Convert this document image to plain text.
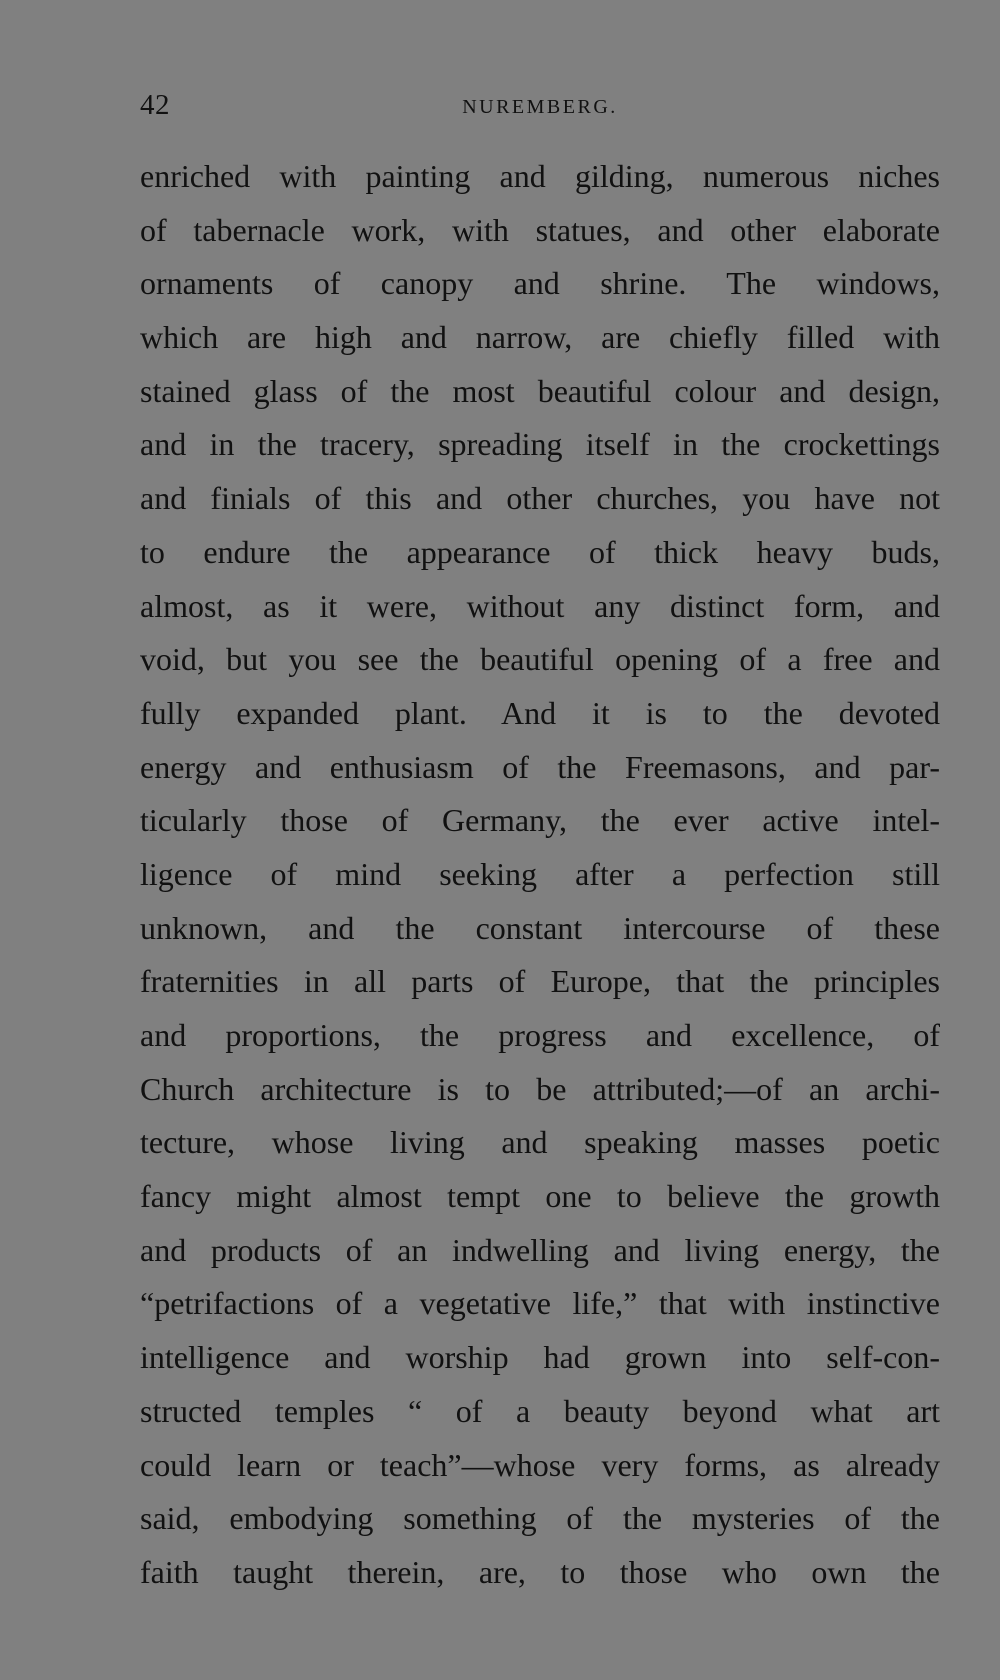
42	NUREMBERG.
enriched with painting and gilding, numerous niches
of tabernacle work, with statues, and other elaborate
ornaments of canopy and shrine. The windows,
which are high and narrow, are chiefly filled with
stained glass of the most beautiful colour and design,
and in the tracery, spreading itself in the crockettings
and finials of this and other churches, you have not
to endure the appearance of thick heavy buds,
almost, as it were, without any distinct form, and
void, but you see the beautiful opening of a free and
fully expanded plant. And it is to the devoted
energy and enthusiasm of the Freemasons, and par-
ticularly those of Germany, the ever active intel-
ligence of mind seeking after a perfection still
unknown, and the constant intercourse of these
fraternities in all parts of Europe, that the principles
and proportions, the progress and excellence, of
Church architecture is to be attributed;—of an archi-
tecture, whose living and speaking masses poetic
fancy might almost tempt one to believe the growth
and products of an indwelling and living energy, the
“petrifactions of a vegetative life,” that with instinctive
intelligence and worship had grown into self-con-
structed temples “ of a beauty beyond what art
could learn or teach”—whose very forms, as already
said, embodying something of the mysteries of the
faith taught therein, are, to those who own the
